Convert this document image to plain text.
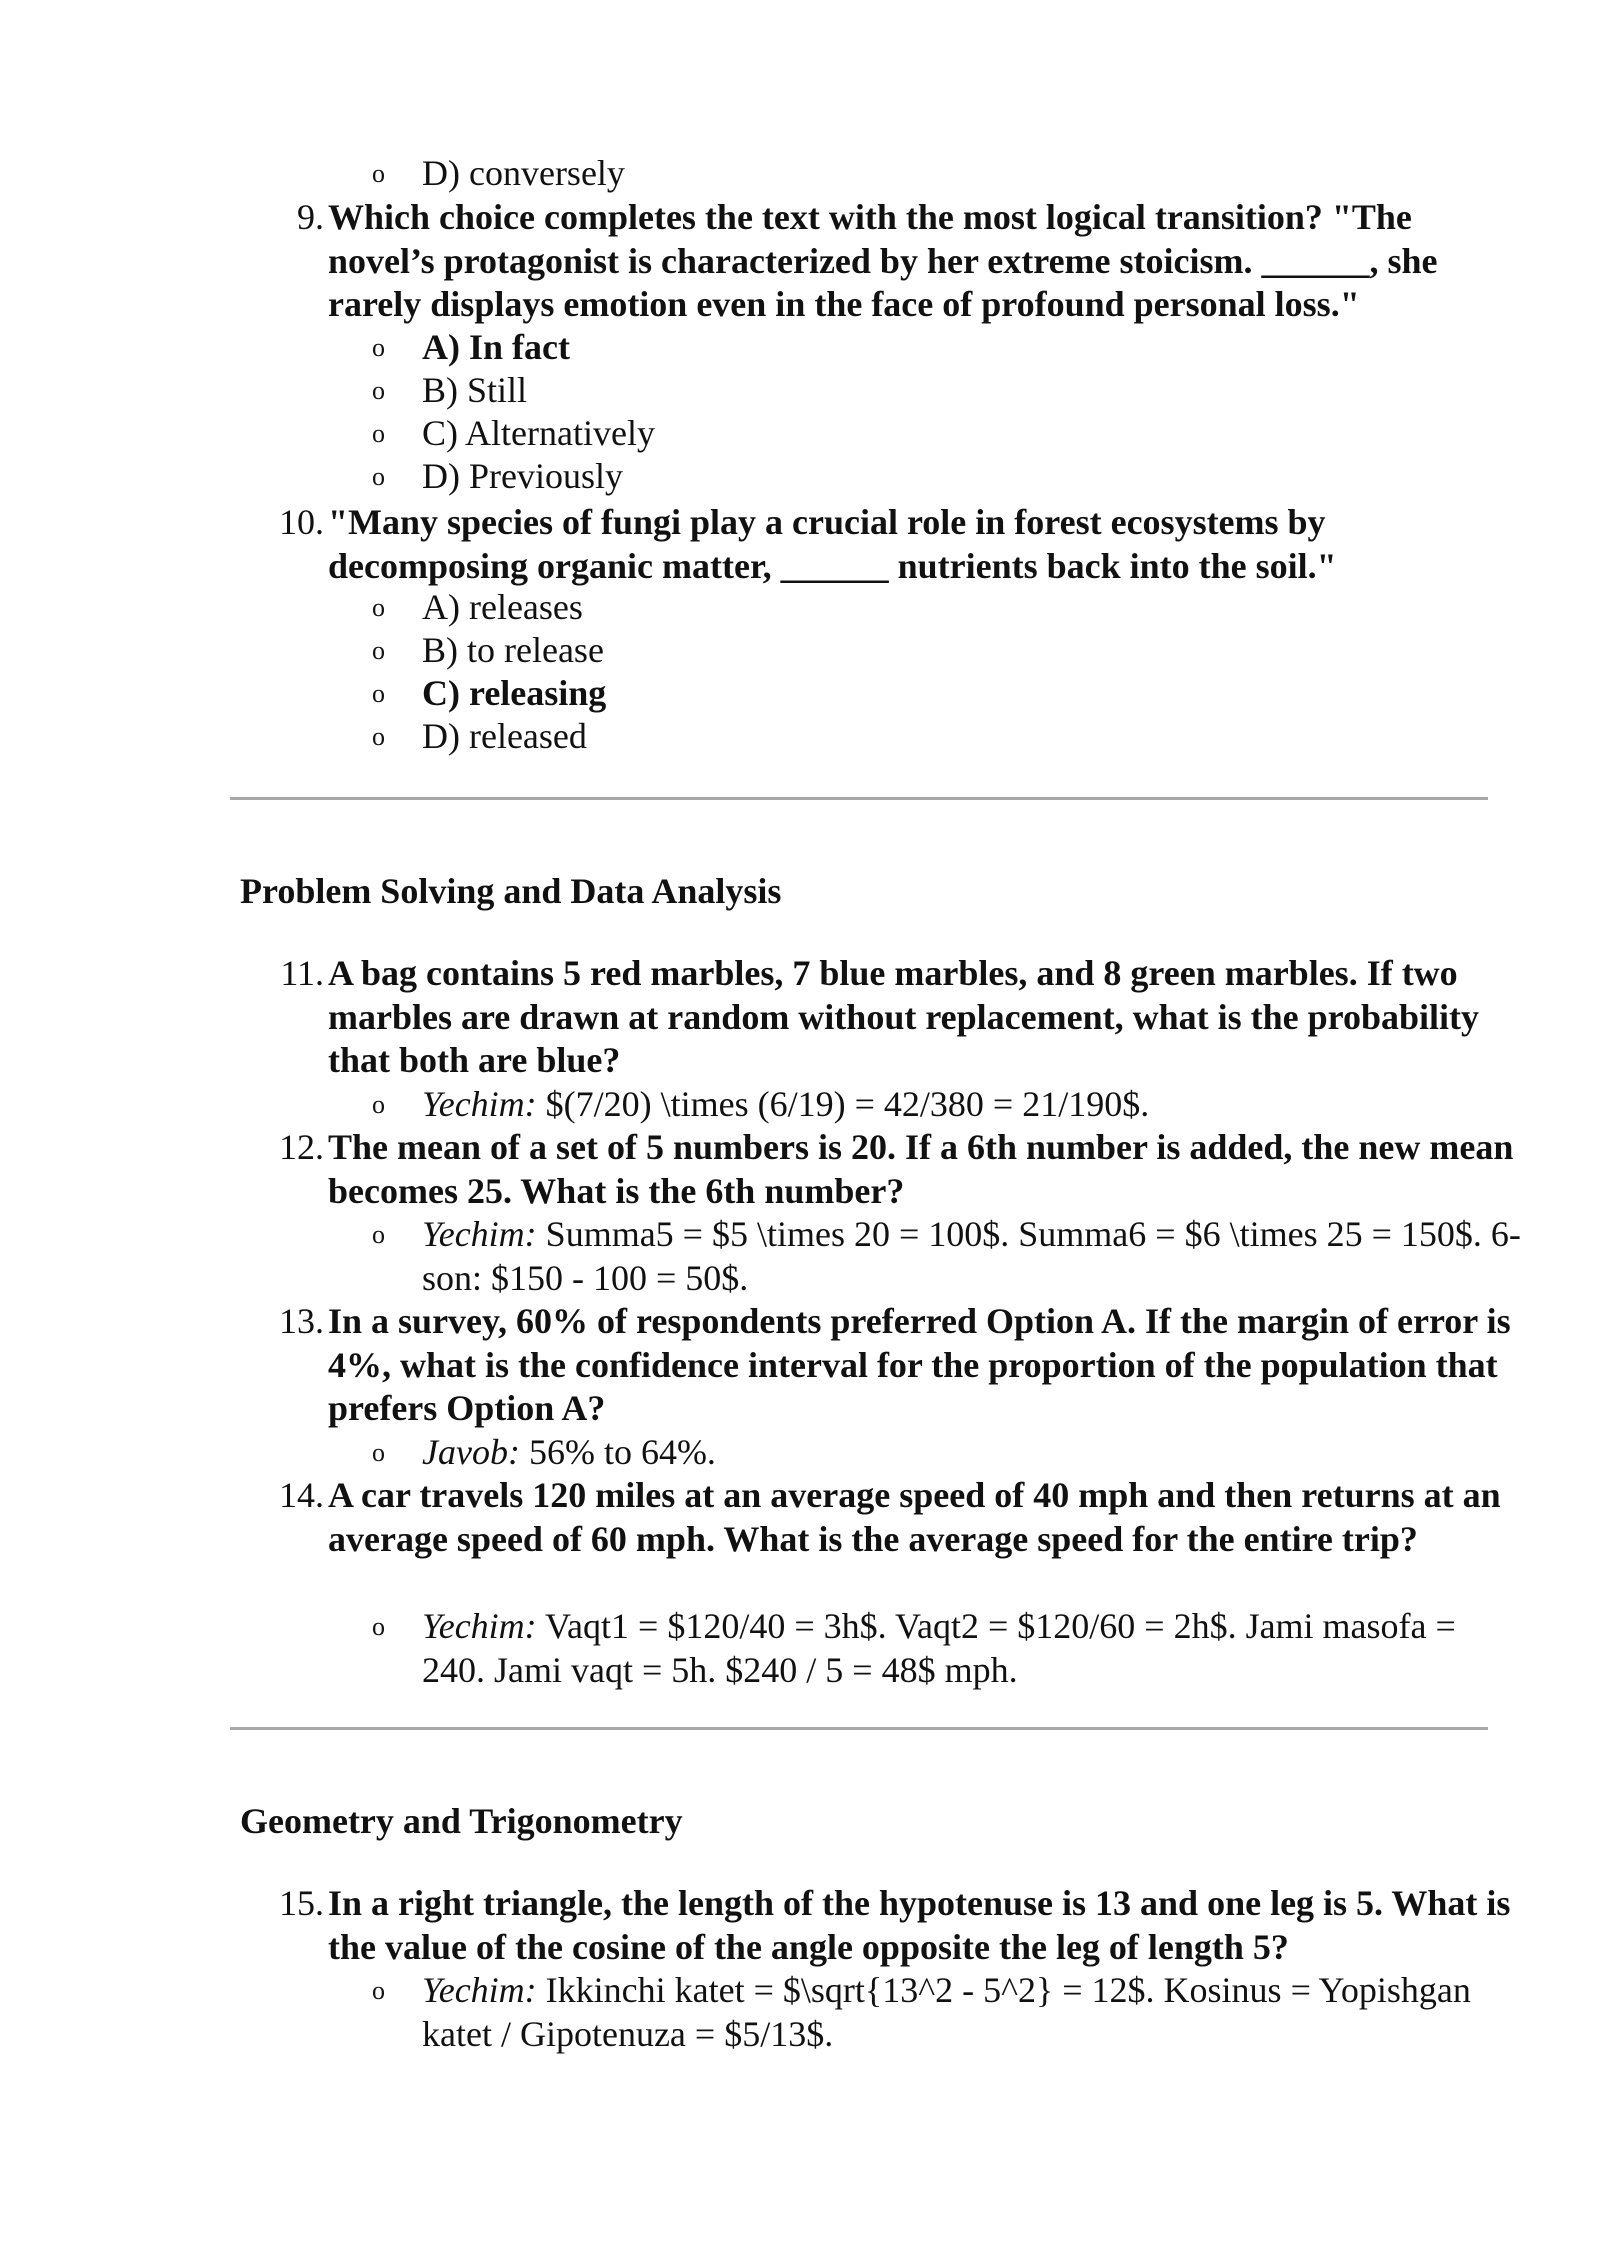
o D) conversely
9. Which choice completes the text with the most logical transition? "The novel’s protagonist is characterized by her extreme stoicism. ______, she rarely displays emotion even in the face of profound personal loss."
o A) In fact
o B) Still
o C) Alternatively
o D) Previously
10. "Many species of fungi play a crucial role in forest ecosystems by decomposing organic matter, ______ nutrients back into the soil."
o A) releases
o B) to release
o C) releasing
o D) released
Problem Solving and Data Analysis
11. A bag contains 5 red marbles, 7 blue marbles, and 8 green marbles. If two marbles are drawn at random without replacement, what is the probability that both are blue?
o Yechim: $(7/20) \times (6/19) = 42/380 = 21/190$.
12. The mean of a set of 5 numbers is 20. If a 6th number is added, the new mean becomes 25. What is the 6th number?
o Yechim: Summa5 = $5 \times 20 = 100$. Summa6 = $6 \times 25 = 150$. 6-son: $150 - 100 = 50$.
13. In a survey, 60% of respondents preferred Option A. If the margin of error is 4%, what is the confidence interval for the proportion of the population that prefers Option A?
o Javob: 56% to 64%.
14. A car travels 120 miles at an average speed of 40 mph and then returns at an average speed of 60 mph. What is the average speed for the entire trip?
o Yechim: Vaqt1 = $120/40 = 3h$. Vaqt2 = $120/60 = 2h$. Jami masofa = 240. Jami vaqt = 5h. $240 / 5 = 48$ mph.
Geometry and Trigonometry
15. In a right triangle, the length of the hypotenuse is 13 and one leg is 5. What is the value of the cosine of the angle opposite the leg of length 5?
o Yechim: Ikkinchi katet = $\sqrt{13^2 - 5^2} = 12$. Kosinus = Yopishgan katet / Gipotenuza = $5/13$.
